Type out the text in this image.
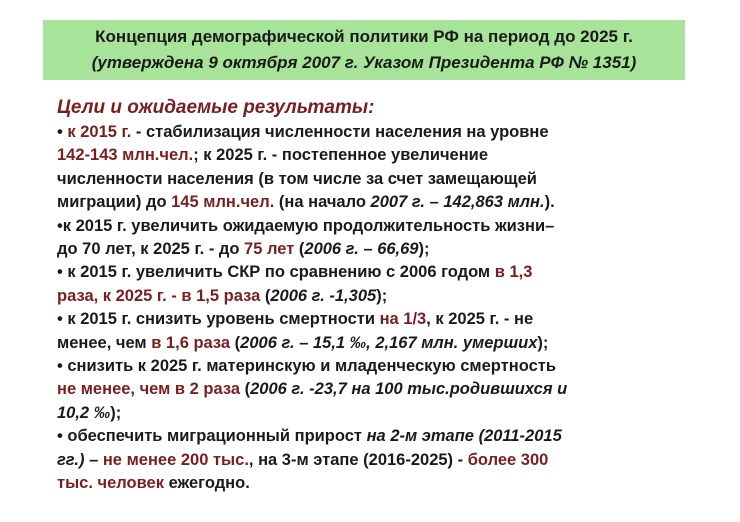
Концепция демографической политики РФ на период до 2025 г.
(утверждена 9 октября 2007 г. Указом Президента РФ № 1351)
Цели и ожидаемые результаты:
• к 2015 г. - стабилизация численности населения на уровне
142-143 млн.чел.; к 2025 г. - постепенное увеличение
численности населения (в том числе за счет замещающей
миграции) до 145 млн.чел. (на начало 2007 г. – 142,863 млн.).
•к 2015 г. увеличить ожидаемую продолжительность жизни–
до 70 лет, к 2025 г. - до 75 лет (2006 г. – 66,69);
• к 2015 г. увеличить СКР по сравнению с 2006 годом в 1,3
раза, к 2025 г. - в 1,5 раза (2006 г. -1,305);
• к 2015 г. снизить уровень смертности на 1/3, к 2025 г. - не
менее, чем в 1,6 раза (2006 г. – 15,1 ‰, 2,167 млн. умерших);
• снизить к 2025 г. материнскую и младенческую смертность
не менее, чем в 2 раза (2006 г. -23,7 на 100 тыс.родившихся и
10,2 ‰);
• обеспечить миграционный прирост на 2-м этапе (2011-2015
гг.) – не менее 200 тыс., на 3-м этапе (2016-2025) - более 300
тыс. человек ежегодно.
